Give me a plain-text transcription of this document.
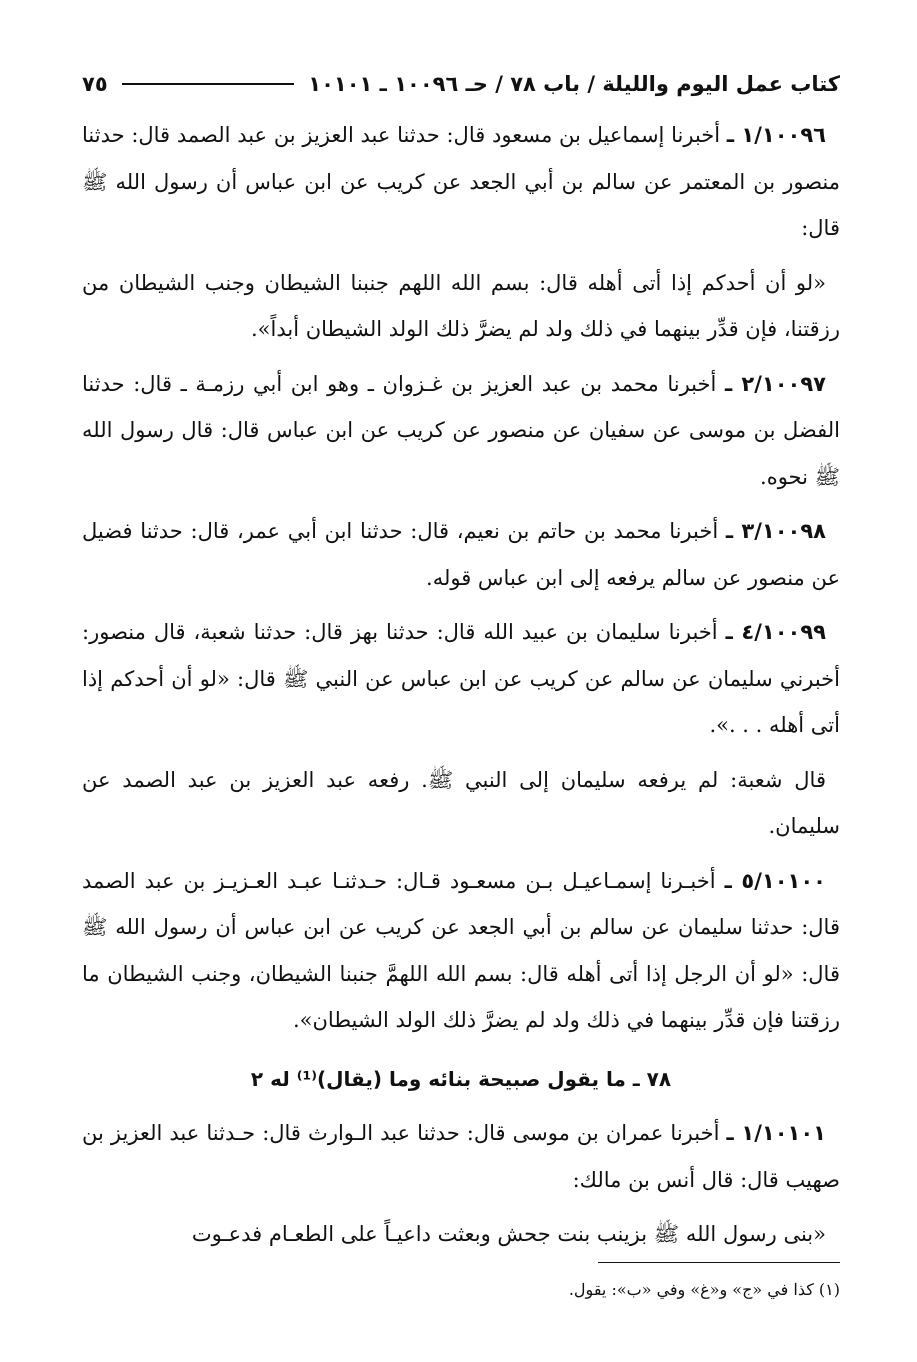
كتاب عمل اليوم والليلة / باب ٧٨ / حـ ١٠٠٩٦ ـ ١٠١٠١
٧٥

١/١٠٠٩٦ ـ أخبرنا إسماعيل بن مسعود قال: حدثنا عبد العزيز بن عبد الصمد قال: حدثنا منصور بن المعتمر عن سالم بن أبي الجعد عن كريب عن ابن عباس أن رسول الله ﷺ قال:

«لو أن أحدكم إذا أتى أهله قال: بسم الله اللهم جنبنا الشيطان وجنب الشيطان من رزقتنا، فإن قدِّر بينهما في ذلك ولد لم يضرَّ ذلك الولد الشيطان أبداً».

٢/١٠٠٩٧ ـ أخبرنا محمد بن عبد العزيز بن غـزوان ـ وهو ابن أبي رزمـة ـ قال: حدثنا الفضل بن موسى عن سفيان عن منصور عن كريب عن ابن عباس قال: قال رسول الله ﷺ نحوه.

٣/١٠٠٩٨ ـ أخبرنا محمد بن حاتم بن نعيم، قال: حدثنا ابن أبي عمر، قال: حدثنا فضيل عن منصور عن سالم يرفعه إلى ابن عباس قوله.

٤/١٠٠٩٩ ـ أخبرنا سليمان بن عبيد الله قال: حدثنا بهز قال: حدثنا شعبة، قال منصور: أخبرني سليمان عن سالم عن كريب عن ابن عباس عن النبي ﷺ قال: «لو أن أحدكم إذا أتى أهله . . .».

قال شعبة: لم يرفعه سليمان إلى النبي ﷺ. رفعه عبد العزيز بن عبد الصمد عن سليمان.

٥/١٠١٠٠ ـ أخبـرنا إسمـاعيـل بـن مسعـود قـال: حـدثنـا عبـد العـزيـز بن عبد الصمد قال: حدثنا سليمان عن سالم بن أبي الجعد عن كريب عن ابن عباس أن رسول الله ﷺ قال: «لو أن الرجل إذا أتى أهله قال: بسم الله اللهمَّ جنبنا الشيطان، وجنب الشيطان ما رزقتنا فإن قدِّر بينهما في ذلك ولد لم يضرَّ ذلك الولد الشيطان».

٧٨ ـ ما يقول صبيحة بنائه وما (يقال)⁽¹⁾ له ٢

١/١٠١٠١ ـ أخبرنا عمران بن موسى قال: حدثنا عبد الـوارث قال: حـدثنا عبد العزيز بن صهيب قال: قال أنس بن مالك:

«بنى رسول الله ﷺ بزينب بنت جحش وبعثت داعيـاً على الطعـام فدعـوت

(١) كذا في «ج» و«غ» وفي «ب»: يقول.
